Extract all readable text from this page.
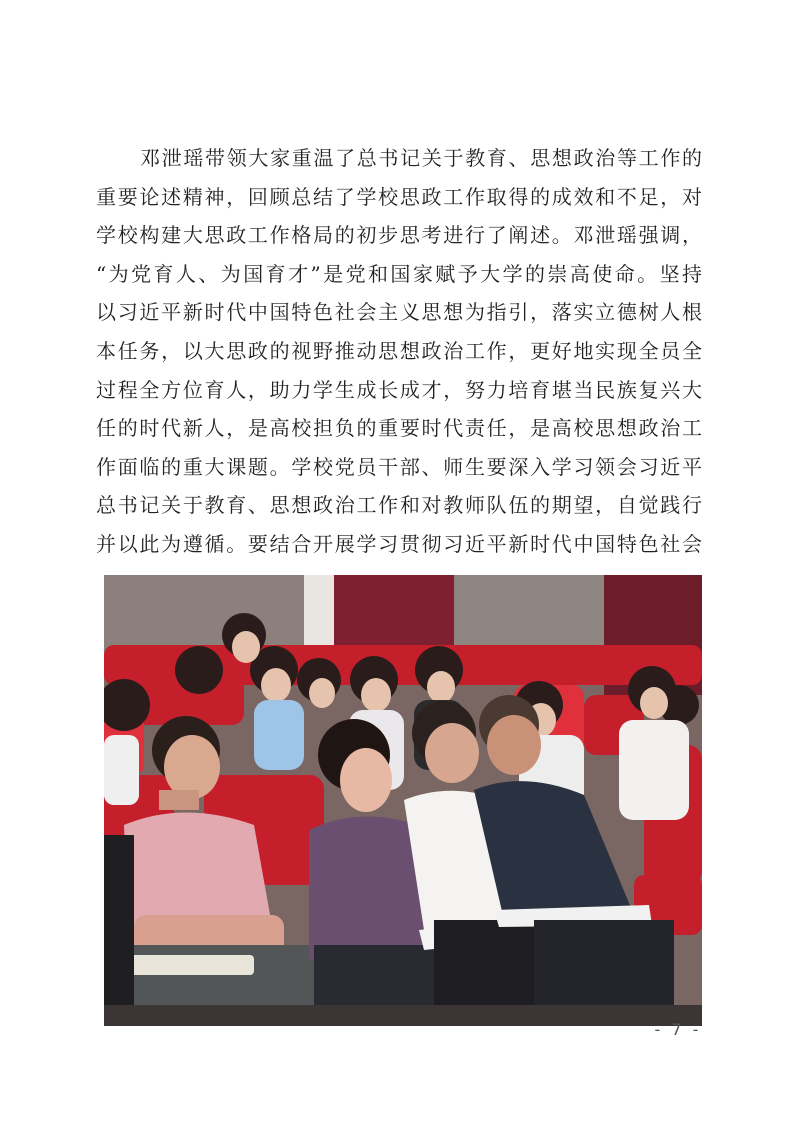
邓泄瑶带领大家重温了总书记关于教育、思想政治等工作的
重要论述精神，回顾总结了学校思政工作取得的成效和不足，对
学校构建大思政工作格局的初步思考进行了阐述。邓泄瑶强调，
“为党育人、为国育才”是党和国家赋予大学的崇高使命。坚持
以习近平新时代中国特色社会主义思想为指引，落实立德树人根
本任务，以大思政的视野推动思想政治工作，更好地实现全员全
过程全方位育人，助力学生成长成才，努力培育堪当民族复兴大
任的时代新人，是高校担负的重要时代责任，是高校思想政治工
作面临的重大课题。学校党员干部、师生要深入学习领会习近平
总书记关于教育、思想政治工作和对教师队伍的期望，自觉践行
并以此为遵循。要结合开展学习贯彻习近平新时代中国特色社会

- 7 -
